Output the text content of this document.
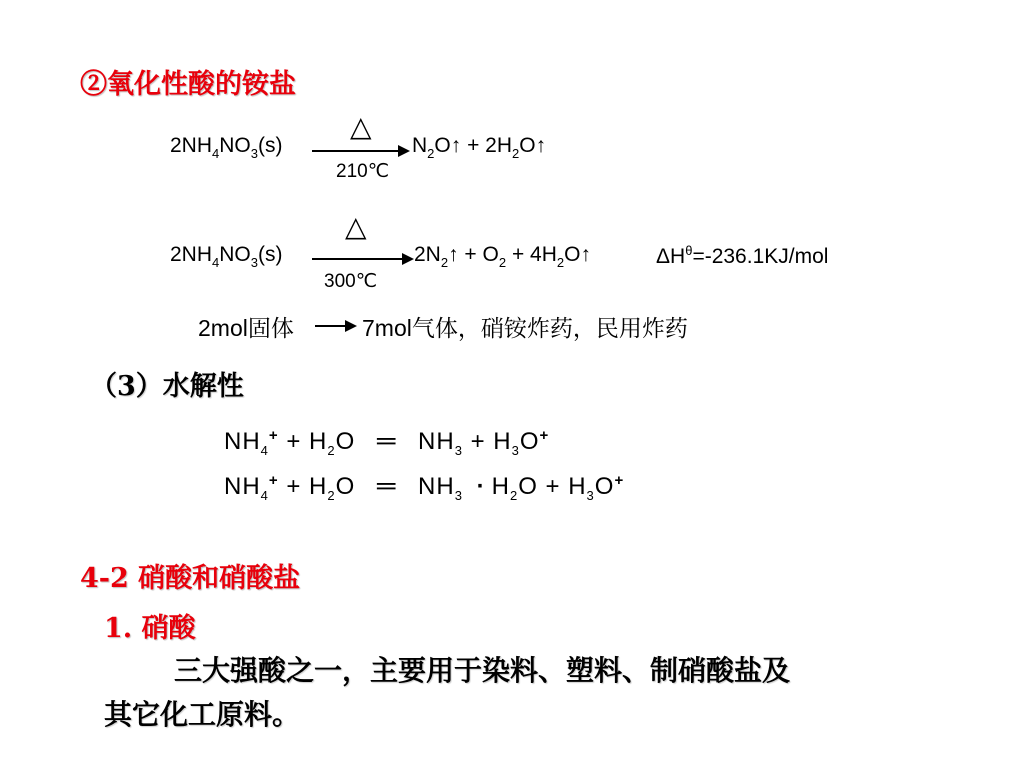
②氧化性酸的铵盐
$2NH_4NO_3(s)$
△
210℃
$N_2O↑$ + $2H_2O↑$
$2NH_4NO_3(s)$
△
300℃
$2N_2↑ + O_2$ + $4H_2O↑$	$\Delta H^\theta=-236.1KJ$/mol
2mol固体	7mol气体，硝铵炸药，民用炸药
（3）水解性
$NH_4^+ + H_2O$ ═ $NH_3 + H_3O^+$
$NH_4^+ + H_2O$ ═ $NH_3 \cdot H_2O + H_3O^+$
4-2 硝酸和硝酸盐
1. 硝酸
三大强酸之一，主要用于染料、塑料、制硝酸盐及
其它化工原料。
